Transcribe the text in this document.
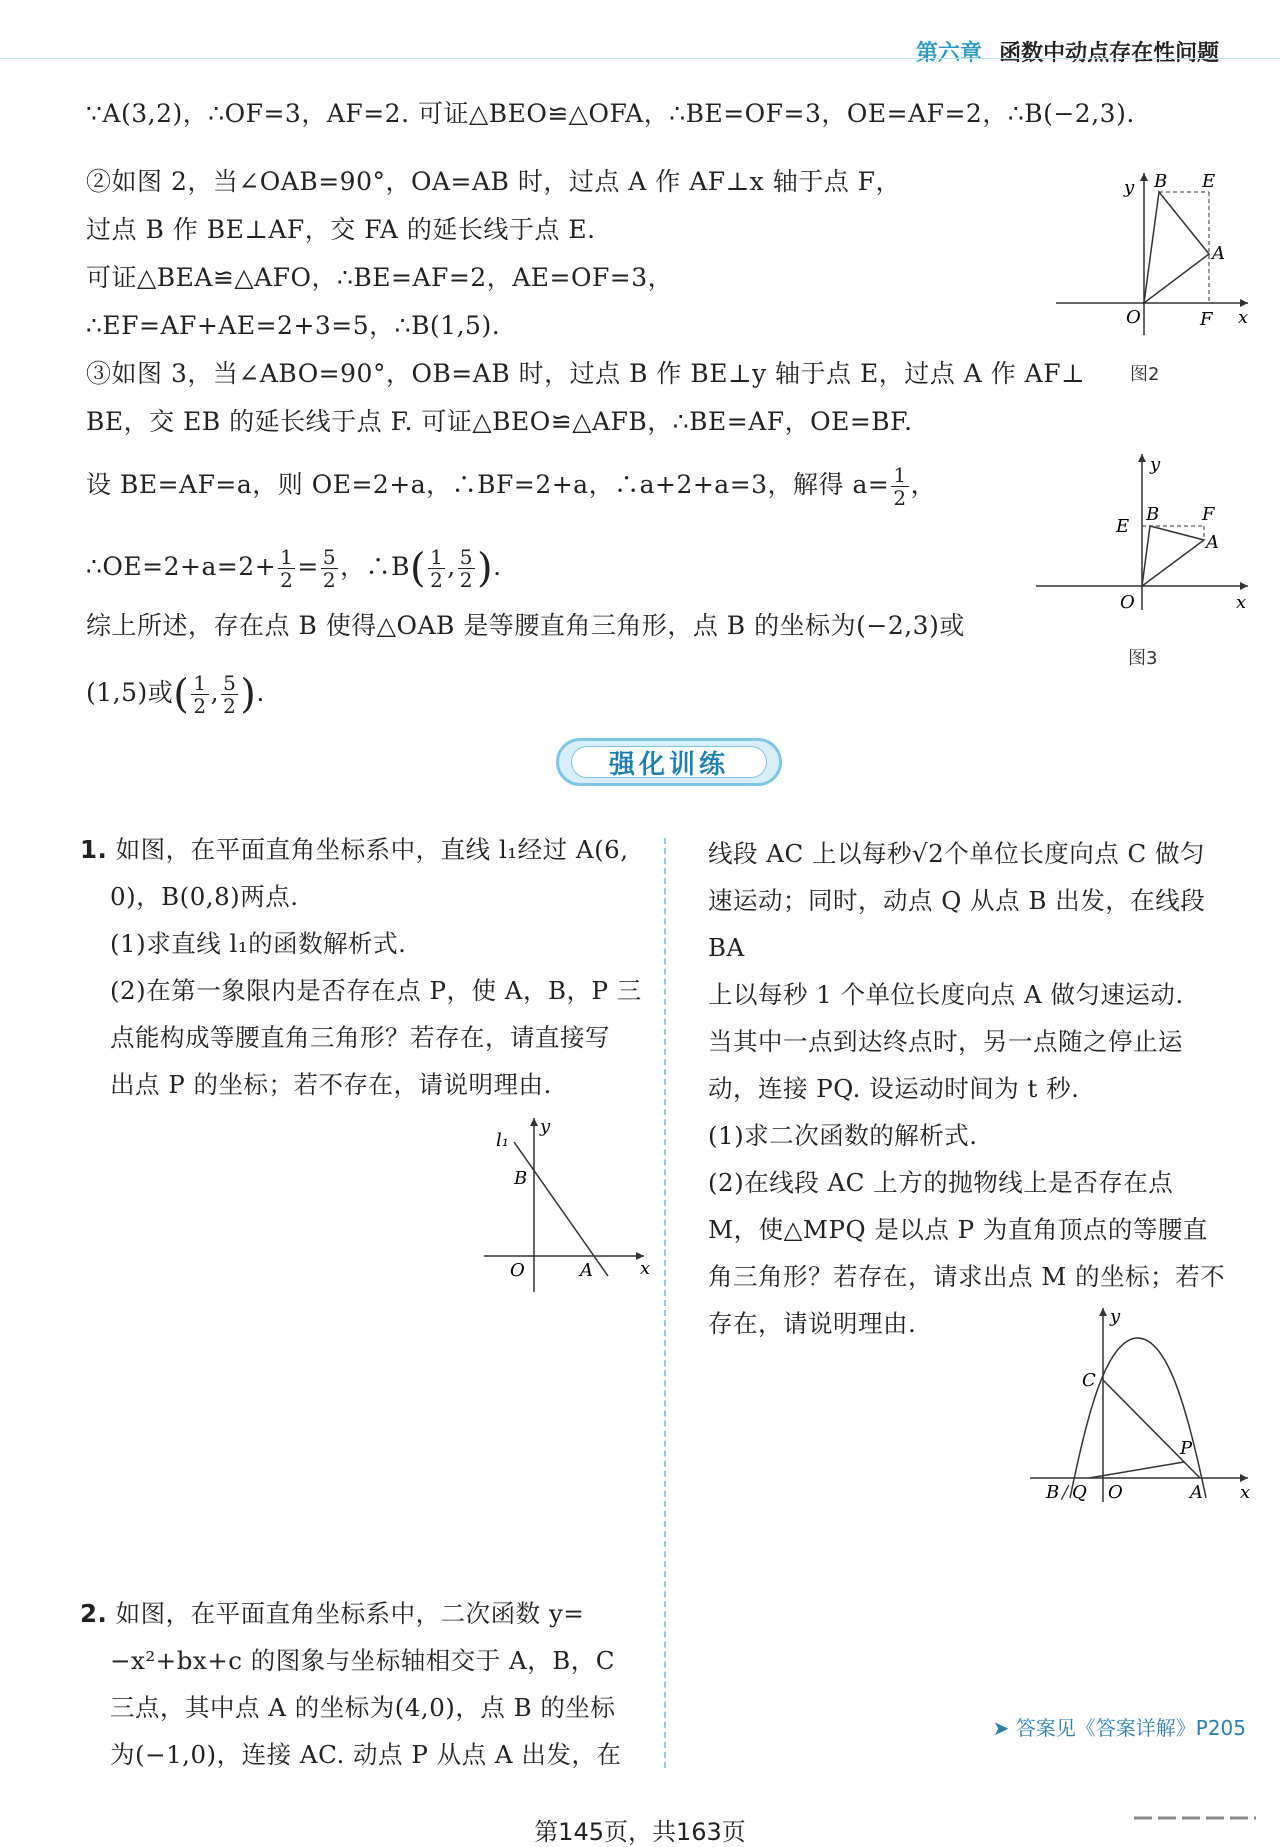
第六章 函数中动点存在性问题
∵A(3,2)，∴OF=3，AF=2. 可证△BEO≌△OFA，∴BE=OF=3，OE=AF=2，∴B(−2,3).
②如图 2，当∠OAB=90°，OA=AB 时，过点 A 作 AF⊥x 轴于点 F，
过点 B 作 BE⊥AF，交 FA 的延长线于点 E.
可证△BEA≌△AFO，∴BE=AF=2，AE=OF=3，
∴EF=AF+AE=2+3=5，∴B(1,5).
③如图 3，当∠ABO=90°，OB=AB 时，过点 B 作 BE⊥y 轴于点 E，过点 A 作 AF⊥
BE，交 EB 的延长线于点 F. 可证△BEO≌△AFB，∴BE=AF，OE=BF.
设 BE=AF=a，则 OE=2+a，∴BF=2+a，∴a+2+a=3，解得 $a= \frac{1}{2}$ ，
∴OE=2+a=2+ $\frac{1}{2} = \frac{5}{2}$ ，∴B( $\frac{1}{2}$ , $\frac{5}{2}$ ).
综上所述，存在点 B 使得△OAB 是等腰直角三角形，点 B 的坐标为(−2,3)或
(1,5)或( $\frac{1}{2}$ , $\frac{5}{2}$ ).
y B E
A
O	F x
图2
y
E
B F
A
O	x
图3
强化训练
1. 如图，在平面直角坐标系中，直线 l₁经过 A(6,
0)，B(0,8)两点.
(1)求直线 l₁的函数解析式.
(2)在第一象限内是否存在点 P，使 A，B，P 三
点能构成等腰直角三角形？若存在，请直接写
出点 P 的坐标；若不存在，请说明理由.
l₁
y
B
O	A	x
2. 如图，在平面直角坐标系中，二次函数 y=
−x²+bx+c 的图象与坐标轴相交于 A，B，C
三点，其中点 A 的坐标为(4,0)，点 B 的坐标
为(−1,0)，连接 AC. 动点 P 从点 A 出发，在
线段 AC 上以每秒√2个单位长度向点 C 做匀
速运动；同时，动点 Q 从点 B 出发，在线段 BA
上以每秒 1 个单位长度向点 A 做匀速运动.
当其中一点到达终点时，另一点随之停止运
动，连接 PQ. 设运动时间为 t 秒.
(1)求二次函数的解析式.
(2)在线段 AC 上方的抛物线上是否存在点
M，使△MPQ 是以点 P 为直角顶点的等腰直
角三角形？若存在，请求出点 M 的坐标；若不
存在，请说明理由.	y
C
P
B / Q O	A x
➤ 答案见《答案详解》P205
第145页，共163页
